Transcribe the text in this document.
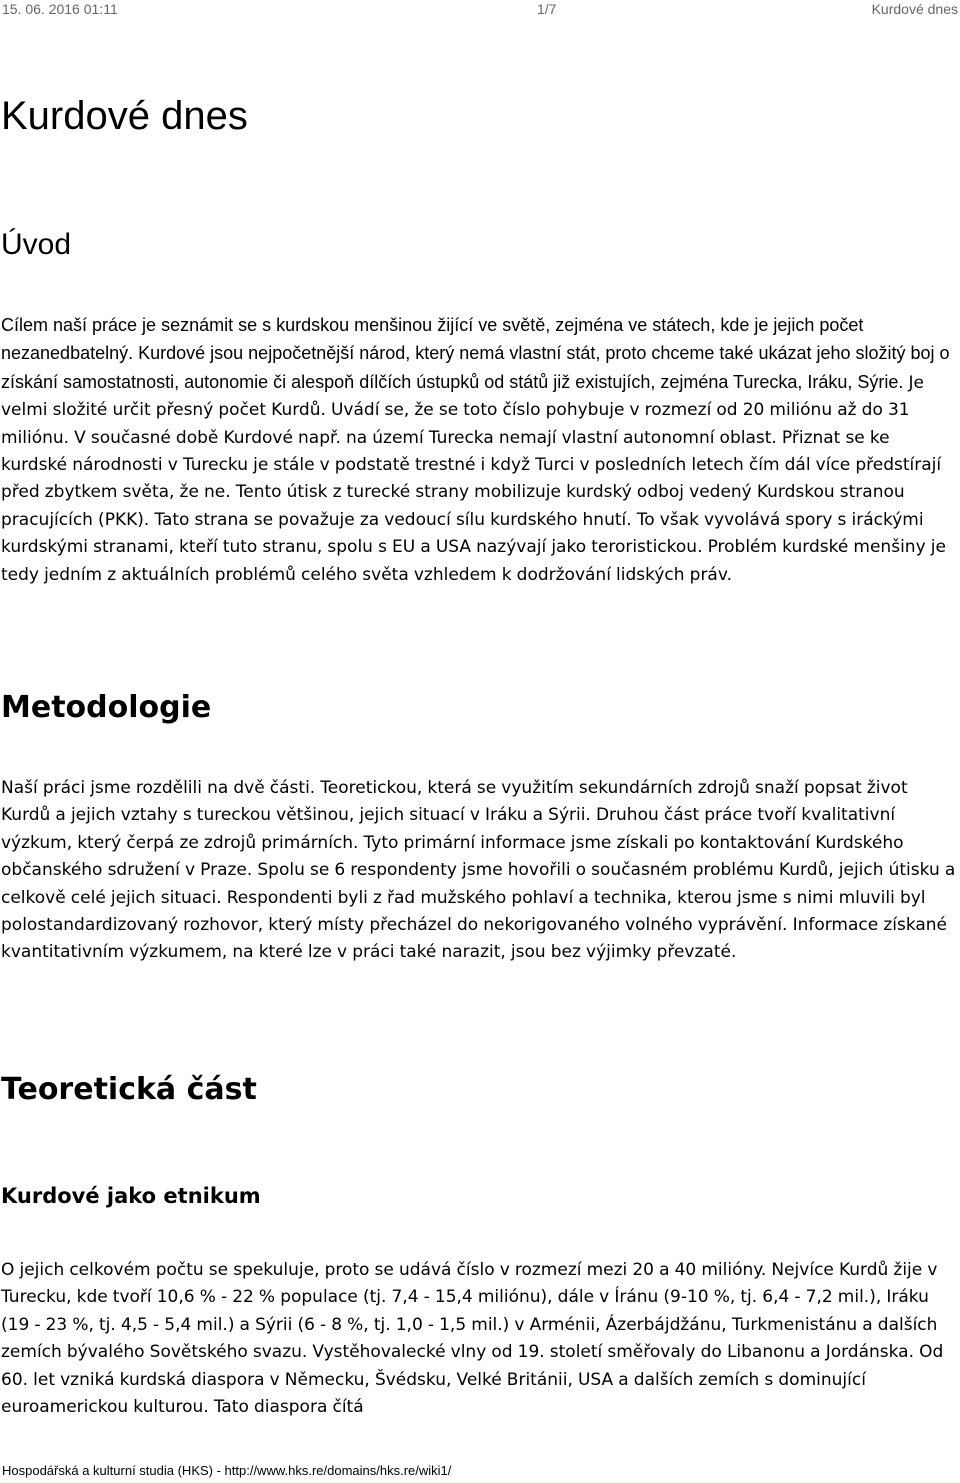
15. 06. 2016 01:11	1/7	Kurdové dnes
Kurdové dnes
Úvod

Cílem naší práce je seznámit se s kurdskou menšinou žijící ve světě, zejména ve státech, kde je jejich počet nezanedbatelný. Kurdové jsou nejpočetnější národ, který nemá vlastní stát, proto chceme také ukázat jeho složitý boj o získání samostatnosti, autonomie či alespoň dílčích ústupků od států již existujích, zejména Turecka, Iráku, Sýrie. Je velmi složité určit přesný počet Kurdů. Uvádí se, že se toto číslo pohybuje v rozmezí od 20 miliónu až do 31 miliónu. V současné době Kurdové např. na území Turecka nemají vlastní autonomní oblast. Přiznat se ke kurdské národnosti v Turecku je stále v podstatě trestné i když Turci v posledních letech čím dál více předstírají před zbytkem světa, že ne. Tento útisk z turecké strany mobilizuje kurdský odboj vedený Kurdskou stranou pracujících (PKK). Tato strana se považuje za vedoucí sílu kurdského hnutí. To však vyvolává spory s iráckými kurdskými stranami, kteří tuto stranu, spolu s EU a USA nazývají jako teroristickou. Problém kurdské menšiny je tedy jedním z aktuálních problémů celého světa vzhledem k dodržování lidských práv.

Metodologie

Naší práci jsme rozdělili na dvě části. Teoretickou, která se využitím sekundárních zdrojů snaží popsat život Kurdů a jejich vztahy s tureckou většinou, jejich situací v Iráku a Sýrii. Druhou část práce tvoří kvalitativní výzkum, který čerpá ze zdrojů primárních. Tyto primární informace jsme získali po kontaktování Kurdského občanského sdružení v Praze. Spolu se 6 respondenty jsme hovořili o současném problému Kurdů, jejich útisku a celkově celé jejich situaci. Respondenti byli z řad mužského pohlaví a technika, kterou jsme s nimi mluvili byl polostandardizovaný rozhovor, který místy přecházel do nekorigovaného volného vyprávění. Informace získané kvantitativním výzkumem, na které lze v práci také narazit, jsou bez výjimky převzaté.

Teoretická část
Kurdové jako etnikum

O jejich celkovém počtu se spekuluje, proto se udává číslo v rozmezí mezi 20 a 40 milióny. Nejvíce Kurdů žije v Turecku, kde tvoří 10,6 % - 22 % populace (tj. 7,4 - 15,4 miliónu), dále v Íránu (9-10 %, tj. 6,4 - 7,2 mil.), Iráku (19 - 23 %, tj. 4,5 - 5,4 mil.) a Sýrii (6 - 8 %, tj. 1,0 - 1,5 mil.) v Arménii, Ázerbájdžánu, Turkmenistánu a dalších zemích bývalého Sovětského svazu. Vystěhovalecké vlny od 19. století směřovaly do Libanonu a Jordánska. Od 60. let vzniká kurdská diaspora v Německu, Švédsku, Velké Británii, USA a dalších zemích s dominující euroamerickou kulturou. Tato diaspora čítá

Hospodářská a kulturní studia (HKS) - http://www.hks.re/domains/hks.re/wiki1/
